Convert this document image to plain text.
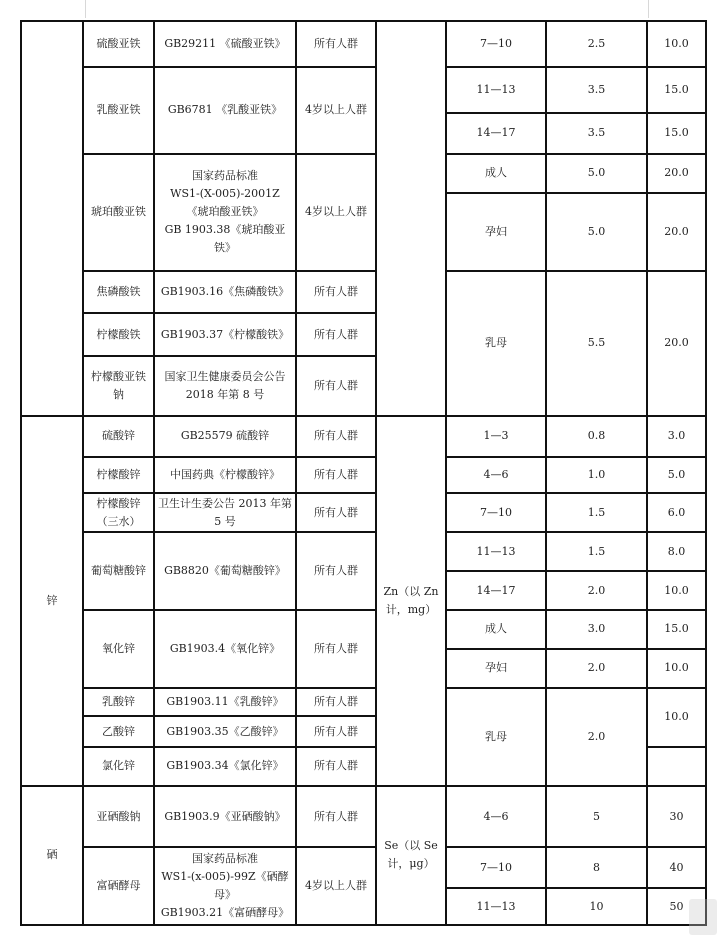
	硫酸亚铁	GB29211 《硫酸亚铁》	所有人群		7—10	2.5	10.0	
	乳酸亚铁	GB6781 《乳酸亚铁》	4岁以上人群		11—13	3.5	15.0	
					14—17	3.5	15.0	
	琥珀酸亚铁	国家药品标准
WS1-(X-005)-2001Z
《琥珀酸亚铁》
GB 1903.38《琥珀酸亚铁》	4岁以上人群		成人	5.0	20.0	
					孕妇	5.0	20.0	
	焦磷酸铁	GB1903.16《焦磷酸铁》	所有人群		乳母	5.5	20.0	

	柠檬酸铁	GB1903.37《柠檬酸铁》	所有人群					
	柠檬酸亚铁钠	国家卫生健康委员会公告 2018 年第 8 号	所有人群					

锌	硫酸锌	GB25579 硫酸锌	所有人群	Zn（以 Zn 计，mg）	1—3	0.8	3.0	
	柠檬酸锌	中国药典《柠檬酸锌》	所有人群		4—6	1.0	5.0	
	柠檬酸锌（三水）	卫生计生委公告 2013 年第 5 号	所有人群		7—10	1.5	6.0	
	葡萄糖酸锌	GB8820《葡萄糖酸锌》	所有人群		11—13	1.5	8.0	
					14—17	2.0	10.0	
	氧化锌	GB1903.4《氧化锌》	所有人群		成人	3.0	15.0	
					孕妇	2.0	10.0	
	乳酸锌	GB1903.11《乳酸锌》	所有人群		乳母	2.0	10.0	

	乙酸锌	GB1903.35《乙酸锌》	所有人群					
	氯化锌	GB1903.34《氯化锌》	所有人群					
硒	亚硒酸钠	GB1903.9《亚硒酸钠》	所有人群	Se（以 Se 计，μg）	4—6	5	30	
	富硒酵母	国家药品标准
WS1-(x-005)-99Z《硒酵母》
GB1903.21《富硒酵母》	4岁以上人群		7—10	8	40	
					11—13	10	50	
